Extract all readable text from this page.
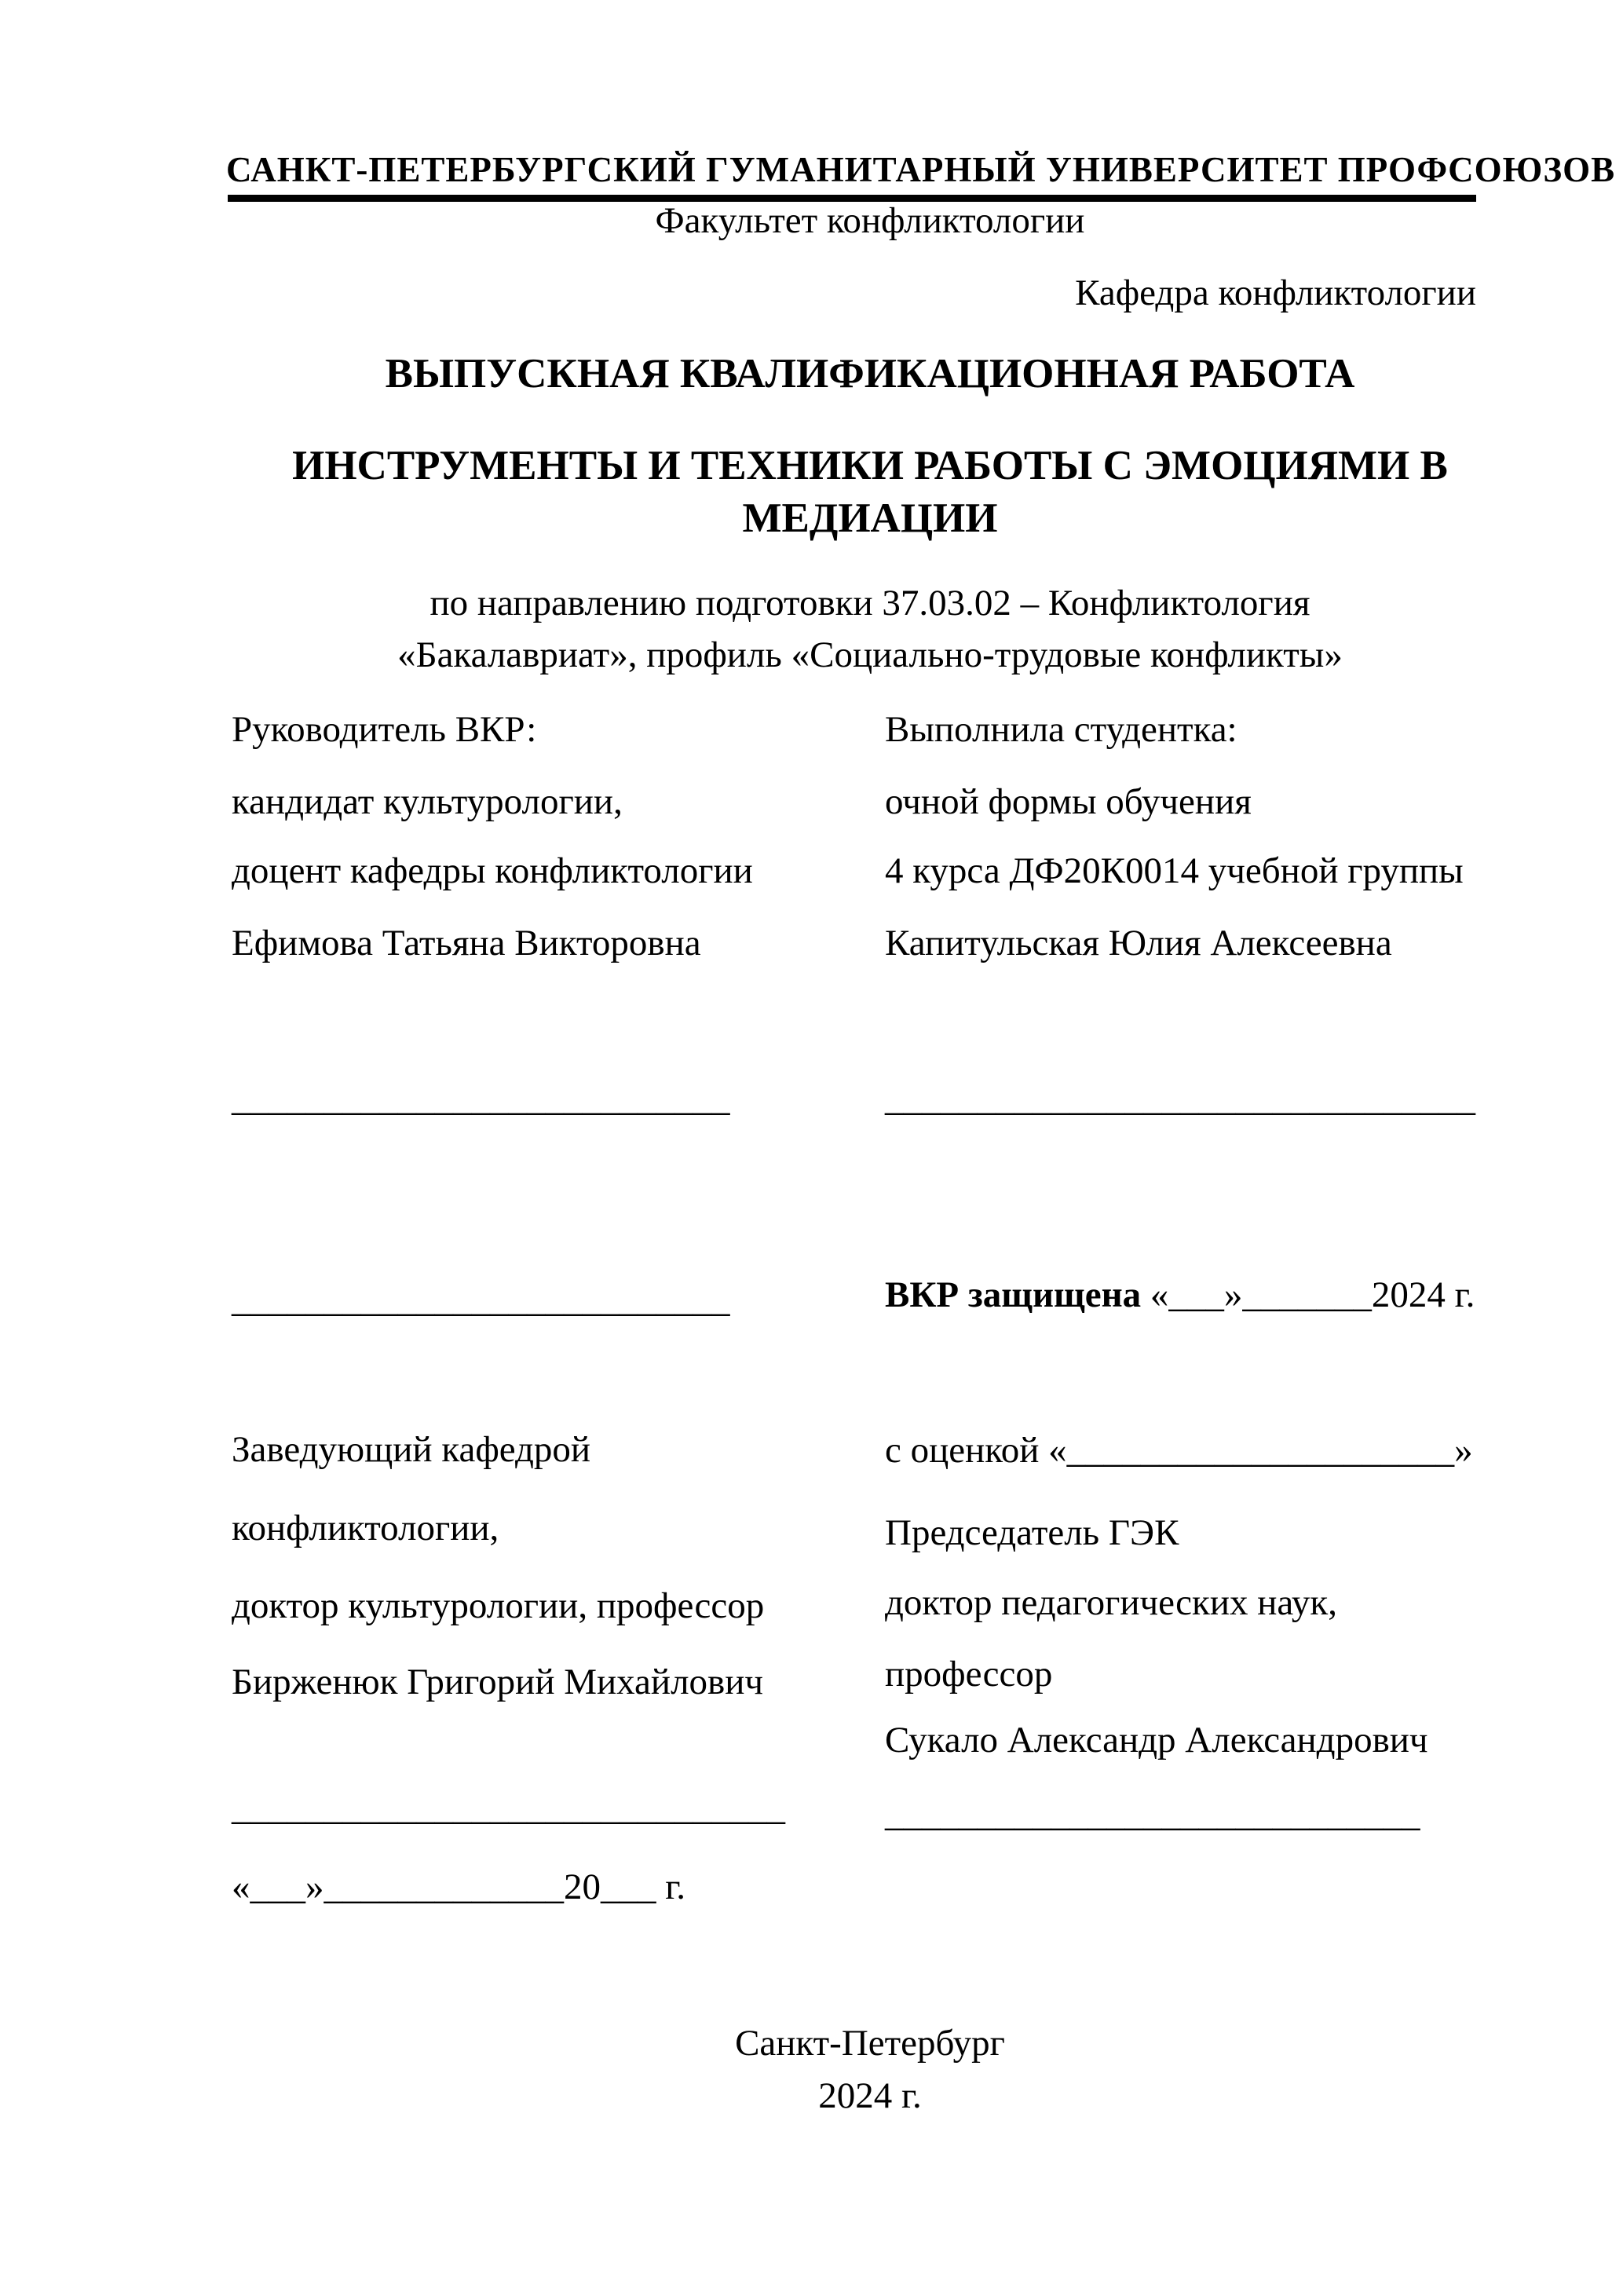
САНКТ-ПЕТЕРБУРГСКИЙ ГУМАНИТАРНЫЙ УНИВЕРСИТЕТ ПРОФСОЮЗОВ
Факультет конфликтологии
Кафедра конфликтологии
ВЫПУСКНАЯ КВАЛИФИКАЦИОННАЯ РАБОТА
ИНСТРУМЕНТЫ И ТЕХНИКИ РАБОТЫ С ЭМОЦИЯМИ В
МЕДИАЦИИ
по направлению подготовки 37.03.02 – Конфликтология
«Бакалавриат», профиль «Социально-трудовые конфликты»
Руководитель ВКР:	Выполнила студентка:
кандидат культурологии,	очной формы обучения
доцент кафедры конфликтологии	4 курса ДФ20К0014 учебной группы
Ефимова Татьяна Викторовна	Капитульская Юлия Алексеевна
___________________________	________________________________
___________________________	ВКР защищена «___»_______2024 г.
Заведующий кафедрой	с оценкой «_____________________»
конфликтологии,	Председатель ГЭК
доктор культурологии, профессор	доктор педагогических наук,
Бирженюк Григорий Михайлович	профессор
Сукало Александр Александрович
______________________________	_____________________________
«___»_____________20___ г.
Санкт-Петербург
2024 г.
